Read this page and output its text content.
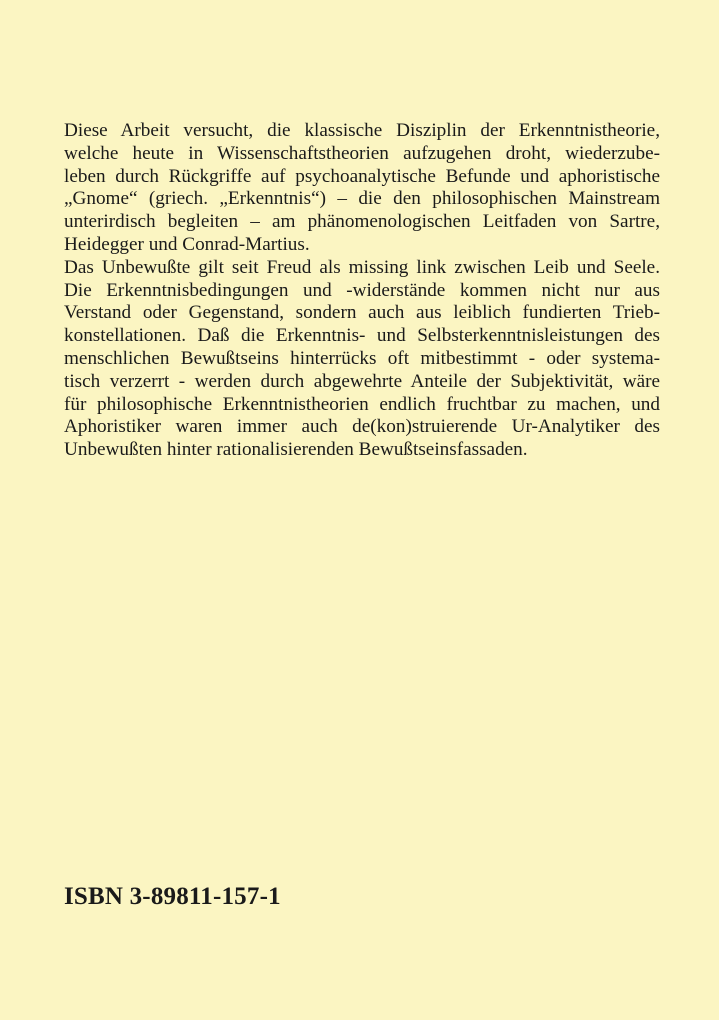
Diese Arbeit versucht, die klassische Disziplin der Erkenntnistheorie,
welche heute in Wissenschaftstheorien aufzugehen droht, wiederzube-
leben durch Rückgriffe auf psychoanalytische Befunde und aphoristische
„Gnome“ (griech. „Erkenntnis“) – die den philosophischen Mainstream
unterirdisch begleiten – am phänomenologischen Leitfaden von Sartre,
Heidegger und Conrad-Martius.
Das Unbewußte gilt seit Freud als missing link zwischen Leib und Seele.
Die Erkenntnisbedingungen und -widerstände kommen nicht nur aus
Verstand oder Gegenstand, sondern auch aus leiblich fundierten Trieb-
konstellationen. Daß die Erkenntnis- und Selbsterkenntnisleistungen des
menschlichen Bewußtseins hinterrücks oft mitbestimmt - oder systema-
tisch verzerrt - werden durch abgewehrte Anteile der Subjektivität, wäre
für philosophische Erkenntnistheorien endlich fruchtbar zu machen, und
Aphoristiker waren immer auch de(kon)struierende Ur-Analytiker des
Unbewußten hinter rationalisierenden Bewußtseinsfassaden.
ISBN 3-89811-157-1
